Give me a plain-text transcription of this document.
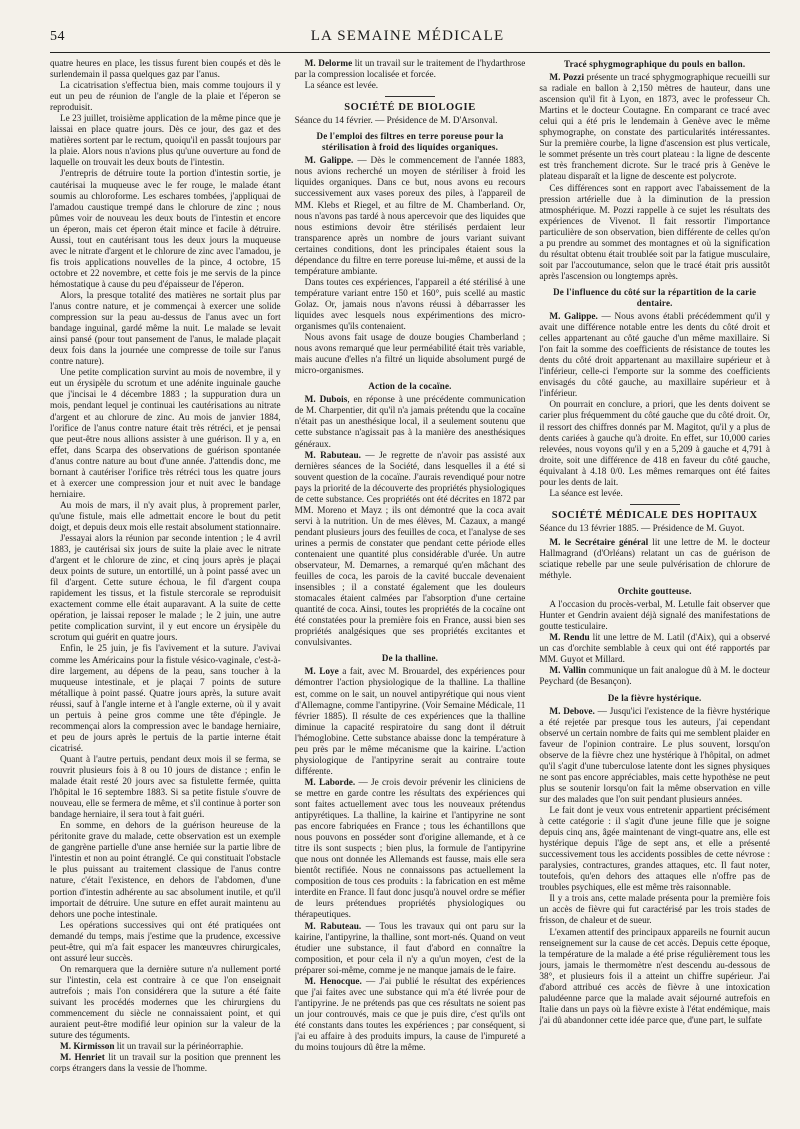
54	LA SEMAINE MÉDICALE

quatre heures en place, les tissus furent bien coupés et dès le surlendemain il passa quelques gaz par l'anus.

La cicatrisation s'effectua bien, mais comme toujours il y eut un peu de réunion de l'angle de la plaie et l'éperon se reproduisit.

Le 23 juillet, troisième application de la même pince que je laissai en place quatre jours. Dès ce jour, des gaz et des matières sortent par le rectum, quoiqu'il en passât toujours par la plaie. Alors nous n'avions plus qu'une ouverture au fond de laquelle on trouvait les deux bouts de l'intestin.

J'entrepris de détruire toute la portion d'intestin sortie, je cautérisai la muqueuse avec le fer rouge, le malade étant soumis au chloroforme. Les eschares tombées, j'appliquai de l'amadou caustique trempé dans le chlorure de zinc ; nous pûmes voir de nouveau les deux bouts de l'intestin et encore un éperon, mais cet éperon était mince et facile à détruire. Aussi, tout en cautérisant tous les deux jours la muqueuse avec le nitrate d'argent et le chlorure de zinc avec l'amadou, je fis trois applications nouvelles de la pince, 4 octobre, 15 octobre et 22 novembre, et cette fois je me servis de la pince hémostatique à cause du peu d'épaisseur de l'éperon.

Alors, la presque totalité des matières ne sortait plus par l'anus contre nature, et je commençai à exercer une solide compression sur la peau au-dessus de l'anus avec un fort bandage inguinal, gardé même la nuit. Le malade se levait ainsi pansé (pour tout pansement de l'anus, le malade plaçait deux fois dans la journée une compresse de toile sur l'anus contre nature).

Une petite complication survint au mois de novembre, il y eut un érysipèle du scrotum et une adénite inguinale gauche que j'incisai le 4 décembre 1883 ; la suppuration dura un mois, pendant lequel je continuai les cautérisations au nitrate d'argent et au chlorure de zinc. Au mois de janvier 1884, l'orifice de l'anus contre nature était très rétréci, et je pensai que peut-être nous allions assister à une guérison. Il y a, en effet, dans Scarpa des observations de guérison spontanée d'anus contre nature au bout d'une année. J'attendis donc, me bornant à cautériser l'orifice très rétréci tous les quatre jours et à exercer une compression jour et nuit avec le bandage herniaire.

Au mois de mars, il n'y avait plus, à proprement parler, qu'une fistule, mais elle admettait encore le bout du petit doigt, et depuis deux mois elle restait absolument stationnaire.

J'essayai alors la réunion par seconde intention ; le 4 avril 1883, je cautérisai six jours de suite la plaie avec le nitrate d'argent et le chlorure de zinc, et cinq jours après je plaçai deux points de suture, un entortillé, un à point passé avec un fil d'argent. Cette suture échoua, le fil d'argent coupa rapidement les tissus, et la fistule stercorale se reproduisit exactement comme elle était auparavant. A la suite de cette opération, je laissai reposer le malade ; le 2 juin, une autre petite complication survint, il y eut encore un érysipèle du scrotum qui guérit en quatre jours.

Enfin, le 25 juin, je fis l'avivement et la suture. J'avivai comme les Américains pour la fistule vésico-vaginale, c'est-à-dire largement, au dépens de la peau, sans toucher à la muqueuse intestinale, et je plaçai 7 points de suture métallique à point passé. Quatre jours après, la suture avait réussi, sauf à l'angle interne et à l'angle externe, où il y avait un pertuis à peine gros comme une tête d'épingle. Je recommençai alors la compression avec le bandage herniaire, et peu de jours après le pertuis de la partie interne était cicatrisé.

Quant à l'autre pertuis, pendant deux mois il se ferma, se rouvrit plusieurs fois à 8 ou 10 jours de distance ; enfin le malade était resté 20 jours avec sa fistulette fermée, quitta l'hôpital le 16 septembre 1883. Si sa petite fistule s'ouvre de nouveau, elle se fermera de même, et s'il continue à porter son bandage herniaire, il sera tout à fait guéri.

En somme, en dehors de la guérison heureuse de la péritonite grave du malade, cette observation est un exemple de gangrène partielle d'une anse herniée sur la partie libre de l'intestin et non au point étranglé. Ce qui constituait l'obstacle le plus puissant au traitement classique de l'anus contre nature, c'était l'existence, en dehors de l'abdomen, d'une portion d'intestin adhérente au sac absolument inutile, et qu'il importait de détruire. Une suture en effet aurait maintenu au dehors une poche intestinale.

Les opérations successives qui ont été pratiquées ont demandé du temps, mais j'estime que la prudence, excessive peut-être, qui m'a fait espacer les manœuvres chirurgicales, ont assuré leur succès.

On remarquera que la dernière suture n'a nullement porté sur l'intestin, cela est contraire à ce que l'on enseignait autrefois ; mais l'on considérera que la suture a été faite suivant les procédés modernes que les chirurgiens du commencement du siècle ne connaissaient point, et qui auraient peut-être modifié leur opinion sur la valeur de la suture des téguments.

M. Kirmisson lit un travail sur la périnéorraphie.

M. Henriet lit un travail sur la position que prennent les corps étrangers dans la vessie de l'homme.

M. Delorme lit un travail sur le traitement de l'hydarthrose par la compression localisée et forcée.

La séance est levée.

SOCIÉTÉ DE BIOLOGIE
Séance du 14 février. — Présidence de M. D'Arsonval.
De l'emploi des filtres en terre poreuse pour la stérilisation à froid des liquides organiques.

M. Galippe. — Dès le commencement de l'année 1883, nous avions recherché un moyen de stériliser à froid les liquides organiques. Dans ce but, nous avons eu recours successivement aux vases poreux des piles, à l'appareil de MM. Klebs et Riegel, et au filtre de M. Chamberland. Or, nous n'avons pas tardé à nous apercevoir que des liquides que nous estimions devoir être stérilisés perdaient leur transparence après un nombre de jours variant suivant certaines conditions, dont les principales étaient sous la dépendance du filtre en terre poreuse lui-même, et aussi de la température ambiante.

Dans toutes ces expériences, l'appareil a été stérilisé à une température variant entre 150 et 160°, puis scellé au mastic Golaz. Or, jamais nous n'avons réussi à débarrasser les liquides avec lesquels nous expérimentions des micro-organismes qu'ils contenaient.

Nous avons fait usage de douze bougies Chamberland ; nous avons remarqué que leur perméabilité était très variable, mais aucune d'elles n'a filtré un liquide absolument purgé de micro-organismes.

Action de la cocaïne.

M. Dubois, en réponse à une précédente communication de M. Charpentier, dit qu'il n'a jamais prétendu que la cocaïne n'était pas un anesthésique local, il a seulement soutenu que cette substance n'agissait pas à la manière des anesthésiques généraux.

M. Rabuteau. — Je regrette de n'avoir pas assisté aux dernières séances de la Société, dans lesquelles il a été si souvent question de la cocaïne. J'aurais revendiqué pour notre pays la priorité de la découverte des propriétés physiologiques de cette substance. Ces propriétés ont été décrites en 1872 par MM. Moreno et Mayz ; ils ont démontré que la coca avait servi à la nutrition. Un de mes élèves, M. Cazaux, a mangé pendant plusieurs jours des feuilles de coca, et l'analyse de ses urines a permis de constater que pendant cette période elles contenaient une quantité plus considérable d'urée. Un autre observateur, M. Demarnes, a remarqué qu'en mâchant des feuilles de coca, les parois de la cavité buccale devenaient insensibles ; il a constaté également que les douleurs stomacales étaient calmées par l'absorption d'une certaine quantité de coca. Ainsi, toutes les propriétés de la cocaïne ont été constatées pour la première fois en France, aussi bien ses propriétés analgésiques que ses propriétés excitantes et convulsivantes.

De la thalline.

M. Loye a fait, avec M. Brouardel, des expériences pour démontrer l'action physiologique de la thalline. La thalline est, comme on le sait, un nouvel antipyrétique qui nous vient d'Allemagne, comme l'antipyrine. (Voir Semaine Médicale, 11 février 1885). Il résulte de ces expériences que la thalline diminue la capacité respiratoire du sang dont il détruit l'hémoglobine. Cette substance abaisse donc la température à peu près par le même mécanisme que la kairine. L'action physiologique de l'antipyrine serait au contraire toute différente.

M. Laborde. — Je crois devoir prévenir les cliniciens de se mettre en garde contre les résultats des expériences qui sont faites actuellement avec tous les nouveaux prétendus antipyrétiques. La thalline, la kairine et l'antipyrine ne sont pas encore fabriquées en France ; tous les échantillons que nous pouvons en posséder sont d'origine allemande, et à ce titre ils sont suspects ; bien plus, la formule de l'antipyrine que nous ont donnée les Allemands est fausse, mais elle sera bientôt rectifiée. Nous ne connaissons pas actuellement la composition de tous ces produits : la fabrication en est même interdite en France. Il faut donc jusqu'à nouvel ordre se méfier de leurs prétendues propriétés physiologiques ou thérapeutiques.

M. Rabuteau. — Tous les travaux qui ont paru sur la kairine, l'antipyrine, la thalline, sont mort-nés. Quand on veut étudier une substance, il faut d'abord en connaître la composition, et pour cela il n'y a qu'un moyen, c'est de la préparer soi-même, comme je ne manque jamais de le faire.

M. Henocque. — J'ai publié le résultat des expériences que j'ai faites avec une substance qui m'a été livrée pour de l'antipyrine. Je ne prétends pas que ces résultats ne soient pas un jour controuvés, mais ce que je puis dire, c'est qu'ils ont été constants dans toutes les expériences ; par conséquent, si j'ai eu affaire à des produits impurs, la cause de l'impureté a du moins toujours dû être la même.

Tracé sphygmographique du pouls en ballon.

M. Pozzi présente un tracé sphygmographique recueilli sur sa radiale en ballon à 2,150 mètres de hauteur, dans une ascension qu'il fit à Lyon, en 1873, avec le professeur Ch. Martins et le docteur Coutagne. En comparant ce tracé avec celui qui a été pris le lendemain à Genève avec le même sphymographe, on constate des particularités intéressantes. Sur la première courbe, la ligne d'ascension est plus verticale, le sommet présente un très court plateau : la ligne de descente est très franchement dicrote. Sur le tracé pris à Genève le plateau disparaît et la ligne de descente est polycrote.

Ces différences sont en rapport avec l'abaissement de la pression artérielle due à la diminution de la pression atmosphérique. M. Pozzi rappelle à ce sujet les résultats des expériences de Vivenot. Il fait ressortir l'importance particulière de son observation, bien différente de celles qu'on a pu prendre au sommet des montagnes et où la signification du résultat obtenu était troublée soit par la fatigue musculaire, soit par l'accoutumance, selon que le tracé était pris aussitôt après l'ascension ou longtemps après.

De l'influence du côté sur la répartition de la carie dentaire.

M. Galippe. — Nous avons établi précédemment qu'il y avait une différence notable entre les dents du côté droit et celles appartenant au côté gauche d'un même maxillaire. Si l'on fait la somme des coefficients de résistance de toutes les dents du côté droit appartenant au maxillaire supérieur et à l'inférieur, celle-ci l'emporte sur la somme des coefficients envisagés du côté gauche, au maxillaire supérieur et à l'inférieur.

On pourrait en conclure, a priori, que les dents doivent se carier plus fréquemment du côté gauche que du côté droit. Or, il ressort des chiffres donnés par M. Magitot, qu'il y a plus de dents cariées à gauche qu'à droite. En effet, sur 10,000 caries relevées, nous voyons qu'il y en a 5,209 à gauche et 4,791 à droite, soit une différence de 418 en faveur du côté gauche, équivalant à 4.18 0/0. Les mêmes remarques ont été faites pour les dents de lait.

La séance est levée.

SOCIÉTÉ MÉDICALE DES HOPITAUX
Séance du 13 février 1885. — Présidence de M. Guyot.

M. le Secrétaire général lit une lettre de M. le docteur Hallmagrand (d'Orléans) relatant un cas de guérison de sciatique rebelle par une seule pulvérisation de chlorure de méthyle.

Orchite goutteuse.

A l'occasion du procès-verbal, M. Letulle fait observer que Hunter et Gendrin avaient déjà signalé des manifestations de goutte testiculaire.

M. Rendu lit une lettre de M. Latil (d'Aix), qui a observé un cas d'orchite semblable à ceux qui ont été rapportés par MM. Guyot et Millard.

M. Vallin communique un fait analogue dû à M. le docteur Peychard (de Besançon).

De la fièvre hystérique.

M. Debove. — Jusqu'ici l'existence de la fièvre hystérique a été rejetée par presque tous les auteurs, j'ai cependant observé un certain nombre de faits qui me semblent plaider en faveur de l'opinion contraire. Le plus souvent, lorsqu'on observe de la fièvre chez une hystérique à l'hôpital, on admet qu'il s'agit d'une tuberculose latente dont les signes physiques ne sont pas encore appréciables, mais cette hypothèse ne peut plus se soutenir lorsqu'on fait la même observation en ville sur des malades que l'on suit pendant plusieurs années.

Le fait dont je veux vous entretenir appartient précisément à cette catégorie : il s'agit d'une jeune fille que je soigne depuis cinq ans, âgée maintenant de vingt-quatre ans, elle est hystérique depuis l'âge de sept ans, et elle a présenté successivement tous les accidents possibles de cette névrose : paralysies, contractures, grandes attaques, etc. Il faut noter, toutefois, qu'en dehors des attaques elle n'offre pas de troubles psychiques, elle est même très raisonnable.

Il y a trois ans, cette malade présenta pour la première fois un accès de fièvre qui fut caractérisé par les trois stades de frisson, de chaleur et de sueur.

L'examen attentif des principaux appareils ne fournit aucun renseignement sur la cause de cet accès. Depuis cette époque, la température de la malade a été prise régulièrement tous les jours, jamais le thermomètre n'est descendu au-dessous de 38°, et plusieurs fois il a atteint un chiffre supérieur. J'ai d'abord attribué ces accès de fièvre à une intoxication paludéenne parce que la malade avait séjourné autrefois en Italie dans un pays où la fièvre existe à l'état endémique, mais j'ai dû abandonner cette idée parce que, d'une part, le sulfate
